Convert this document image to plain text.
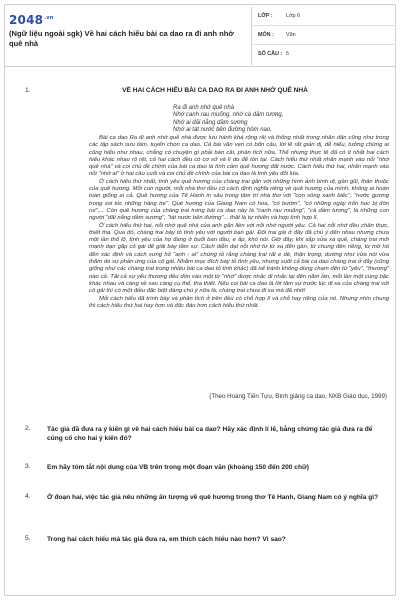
$2048^{.vn}$
(Ngữ liệu ngoài sgk) Về hai cách hiểu bài ca dao ra đi anh nhớ quê nhà
LỚP : Lớp 6
MÔN : Văn
SỐ CÂU : 5
1.	VỀ HAI CÁCH HIỂU BÀI CA DAO RA ĐI ANH NHỚ QUÊ NHÀ
Ra đi anh nhớ quê nhà
Nhớ canh rau muống, nhớ cà dầm tương,
Nhớ ai dãi nắng dầm sương
Nhớ ai tát nước bên đường hôm nao.

Bài ca dao Ra đi anh nhớ quê nhà được lưu hành khá rộng rãi và thống nhất trong nhân dân cũng như trong các tập sách sưu tầm, tuyển chọn ca dao. Cả bài văn vẹn có bốn câu, lời lẽ rất giản dị, dễ hiểu, tưởng chừng ai cũng hiểu như nhau, chẳng có chuyện gì phải bàn cãi, phân tích nữa. Thế nhưng thực tế đã có ít nhất hai cách hiểu khác nhau rõ rệt, cả hai cách đều có cơ sở và lí do để tồn tại. Cách hiểu thứ nhất nhấn mạnh vào nỗi "nhớ quê nhà" và coi chủ đề chính của bài ca dao là tình cảm quê hương đất nước. Cách hiểu thứ hai, nhấn mạnh vào nỗi "nhớ ai" ở hai câu cuối và coi chủ đề chính của bài ca dao là tình yêu đôi lứa.

Ở cách hiểu thứ nhất, tình yêu quê hương của chàng trai gắn với những hình ảnh bình dị, gần gũi, thân thuộc của quê hương. Mỗi con người, mỗi nhà thơ đều có cách định nghĩa riêng về quê hương của mình, không ai hoàn toàn giống ai cả. Quê hương của Tế Hanh in sâu trong tâm trí nhà thơ với "con sông xanh biếc", "nước gương trong soi tóc những hàng tre". Quê hương của Giang Nam có hoa, "có bướm", "có những ngày trốn học bị đòn roi",... Còn quê hương của chàng trai trong bài ca dao này là "canh rau muống", "cà dầm tương", là những con người "dãi nắng dầm sương", "tát nước bên đường"... thật là tự nhiên và hợp tình hợp lí.

Ở cách hiểu thứ hai, nỗi nhớ quê nhà của anh gắn liền với nỗi nhớ người yêu. Cả hai nỗi nhớ đều chân thực, thiết tha. Qua đó, chàng trai bày tỏ tình yêu với người bạn gái. Đôi trai gái ở đây đã chủ ý đến nhau nhưng chưa một lần thổ lộ, tình yêu của họ đang ở buổi ban đầu, e ấp, khó nói. Giờ đây, khi sắp sửa xa quê, chàng trai mới mạnh dạn gặp cô gái để giãi bày tâm sự. Cách diễn đạt nỗi nhớ tư từ xa đến gần, từ chung đến riêng, từ mờ hồ đến xác định và cách xưng hô "anh - ai" chừng tỏ rằng chàng trai rất e dè, thận trọng, dường như vừa nói vừa thăm dò sự phản ứng của cô gái. Nhằm mục đích bày tỏ tình yêu, nhưng suốt cả bài ca dao chàng trai ở đây (cũng giống như các chàng trai trong nhiều bài ca dao tỏ tình khác) đã nể tránh không dùng chạm đến từ "yêu", "thương" nào cả. Tất cả sự yêu thương đều dồn vào một từ "nhớ" được nhắc đi nhắc lại đến năm lần, mỗi lần một cung bậc khác nhau và càng về sau càng cụ thể, tha thiết. Nếu coi bài ca dao là lời tâm sự trước lúc đi xa của chàng trai với cô gái thì có một điều đặc biệt đáng chú ý nữa là, chàng trai chưa đi xa mà đã nhớ!

Mỗi cách hiểu đã trình bày và phân tích ở trên đều có chỗ hợp lí và chỗ hay riêng của nó. Nhưng nhìn chung thì cách hiểu thứ hai hay hơn và độc đáo hơn cách hiểu thứ nhất.

(Theo Hoàng Tiến Tựu, Bình giảng ca dao, NXB Giáo dục, 1999)
2.	Tác giả đã đưa ra ý kiến gì về hai cách hiểu bài ca dao? Hãy xác định lí lẽ, bằng chứng tác giả đưa ra để củng cố cho hai ý kiến đó?
3.	Em hãy tóm tắt nội dung của VB trên trong một đoạn văn (khoảng 150 đến 200 chữ)
4.	Ở đoạn hai, việc tác giả nêu những ấn tượng về quê hương trong thơ Tế Hanh, Giang Nam có ý nghĩa gì?
5.	Trong hai cách hiểu mà tác giả đưa ra, em thích cách hiểu nào hơn? Vì sao?
